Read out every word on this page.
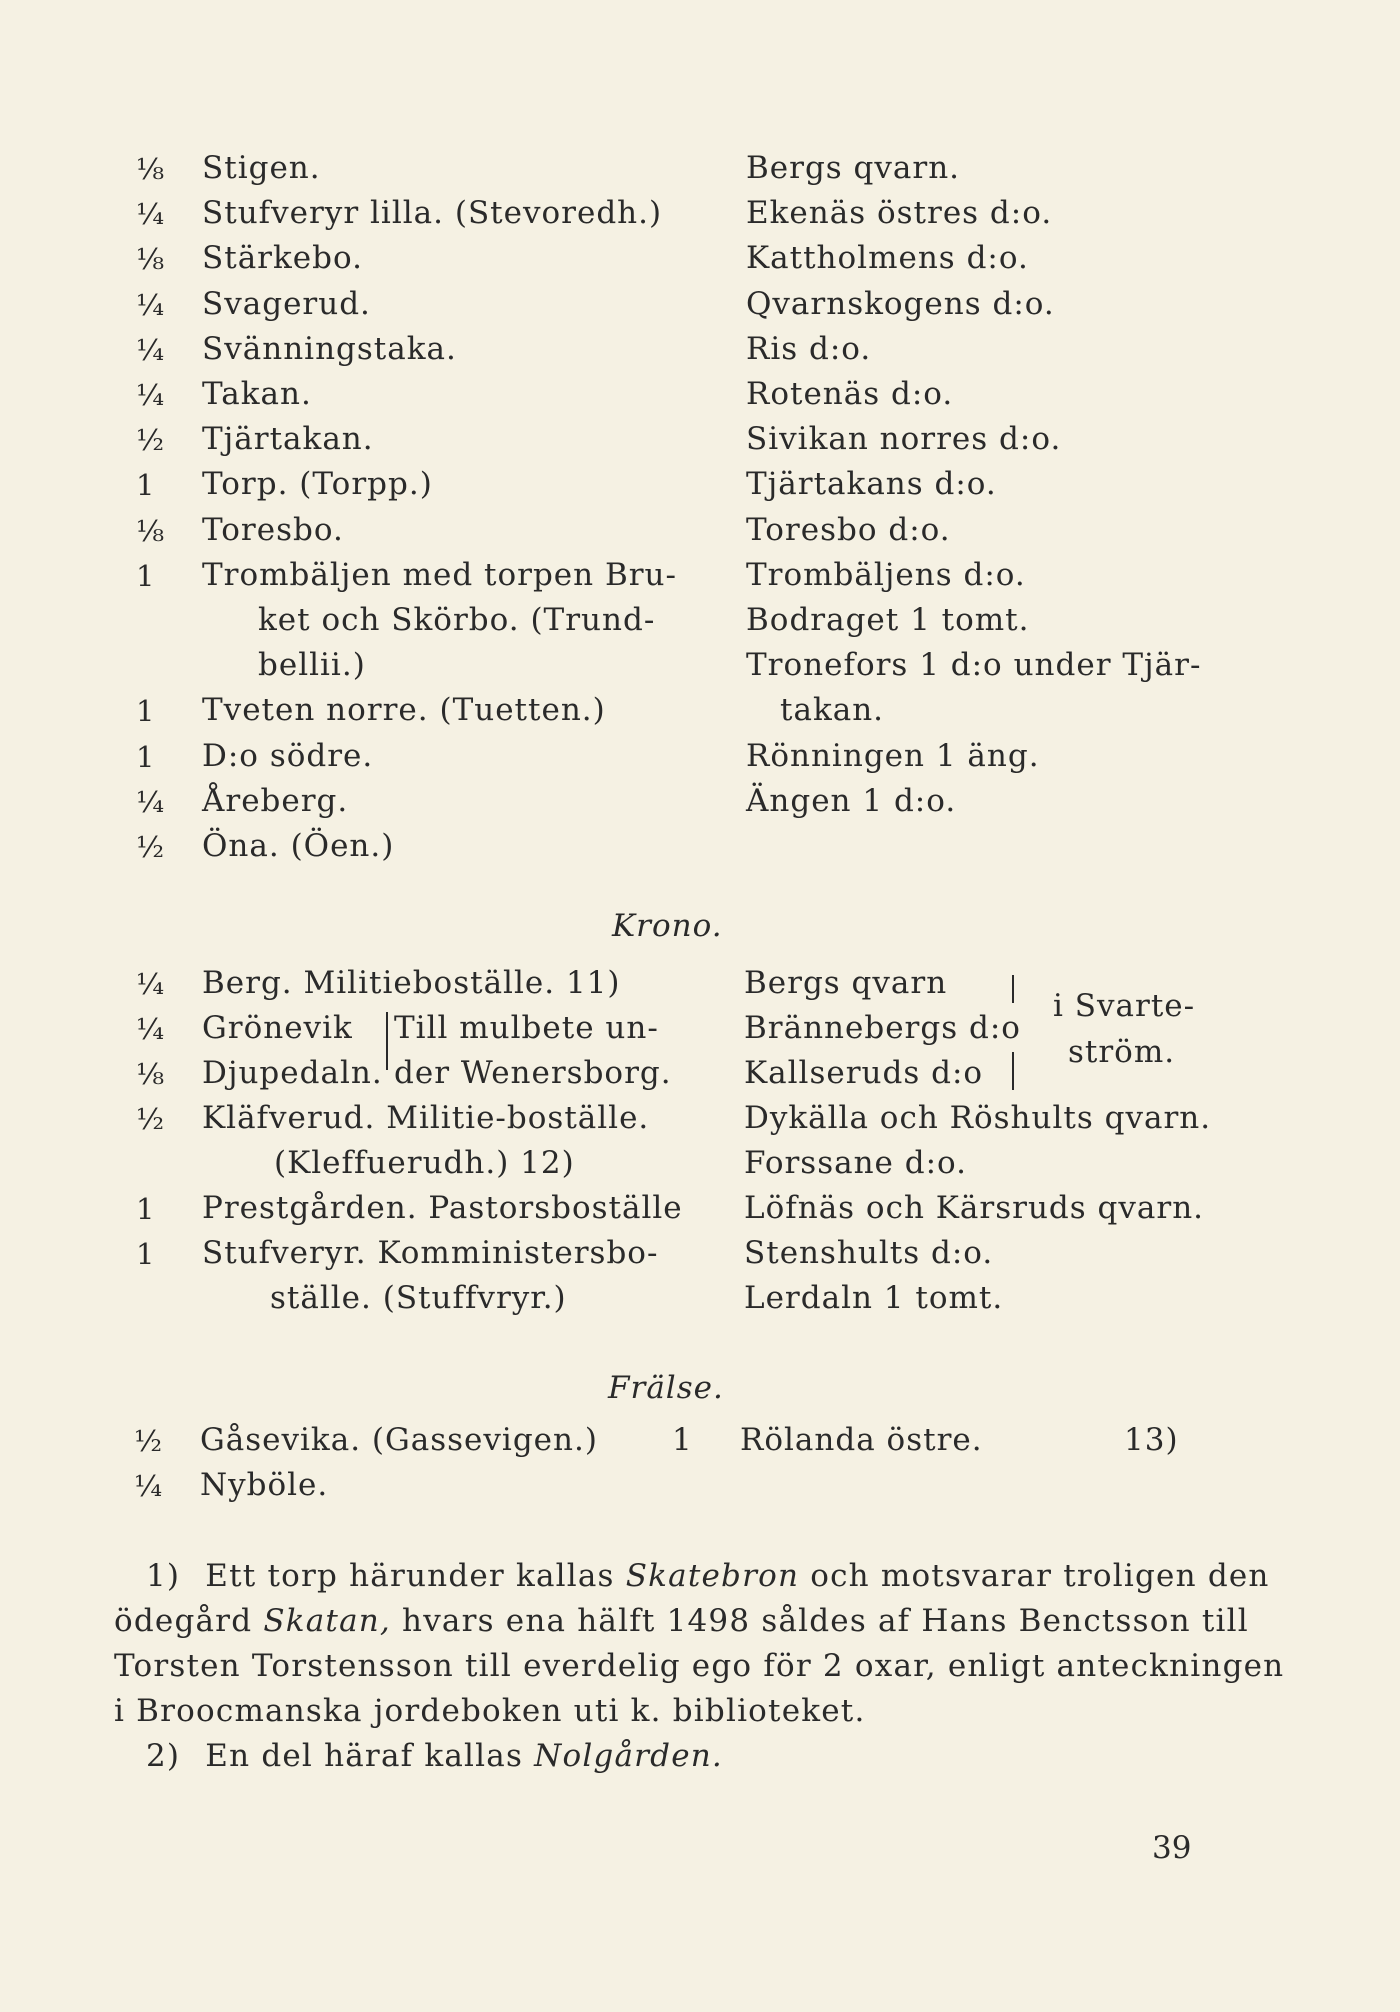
⅛ Stigen.
¼ Stufveryr lilla. (Stevoredh.)
⅛ Stärkebo.
¼ Svagerud.
¼ Svänningstaka.
¼ Takan.
½ Tjärtakan.
1 Torp. (Torpp.)
⅛ Toresbo.
1 Trombäljen med torpen Bru-
ket och Skörbo. (Trund-
bellii.)
1 Tveten norre. (Tuetten.)
1 D:o södre.
¼ Åreberg.
½ Öna. (Öen.)
Bergs qvarn.
Ekenäs östres d:o.
Kattholmens d:o.
Qvarnskogens d:o.
Ris d:o.
Rotenäs d:o.
Sivikan norres d:o.
Tjärtakans d:o.
Toresbo d:o.
Trombäljens d:o.
Bodraget 1 tomt.
Tronefors 1 d:o under Tjär-
takan.
Rönningen 1 äng.
Ängen 1 d:o.
Krono.
¼ Berg. Militieboställe. 11)
¼ Grönevik
⅛ Djupedaln.
½ Kläfverud. Militie-boställe.
(Kleffuerudh.) 12)
1 Prestgården. Pastorsboställe
1 Stufveryr. Komministersbo-
ställe. (Stuffvryr.)
Till mulbete un-
der Wenersborg.
Bergs qvarn
Brännebergs d:o
Kallseruds d:o
Dykälla och Röshults qvarn.
Forssane d:o.
Löfnäs och Kärsruds qvarn.
Stenshults d:o.
Lerdaln 1 tomt.
i Svarte-
ström.
Frälse.
½ Gåsevika. (Gassevigen.)
¼ Nyböle.
1 Rölanda östre.	13)
1) Ett torp härunder kallas Skatebron och motsvarar troligen den
ödegård Skatan, hvars ena hälft 1498 såldes af Hans Benctsson till
Torsten Torstensson till everdelig ego för 2 oxar, enligt anteckningen
i Broocmanska jordeboken uti k. biblioteket.
2) En del häraf kallas Nolgården.
39
